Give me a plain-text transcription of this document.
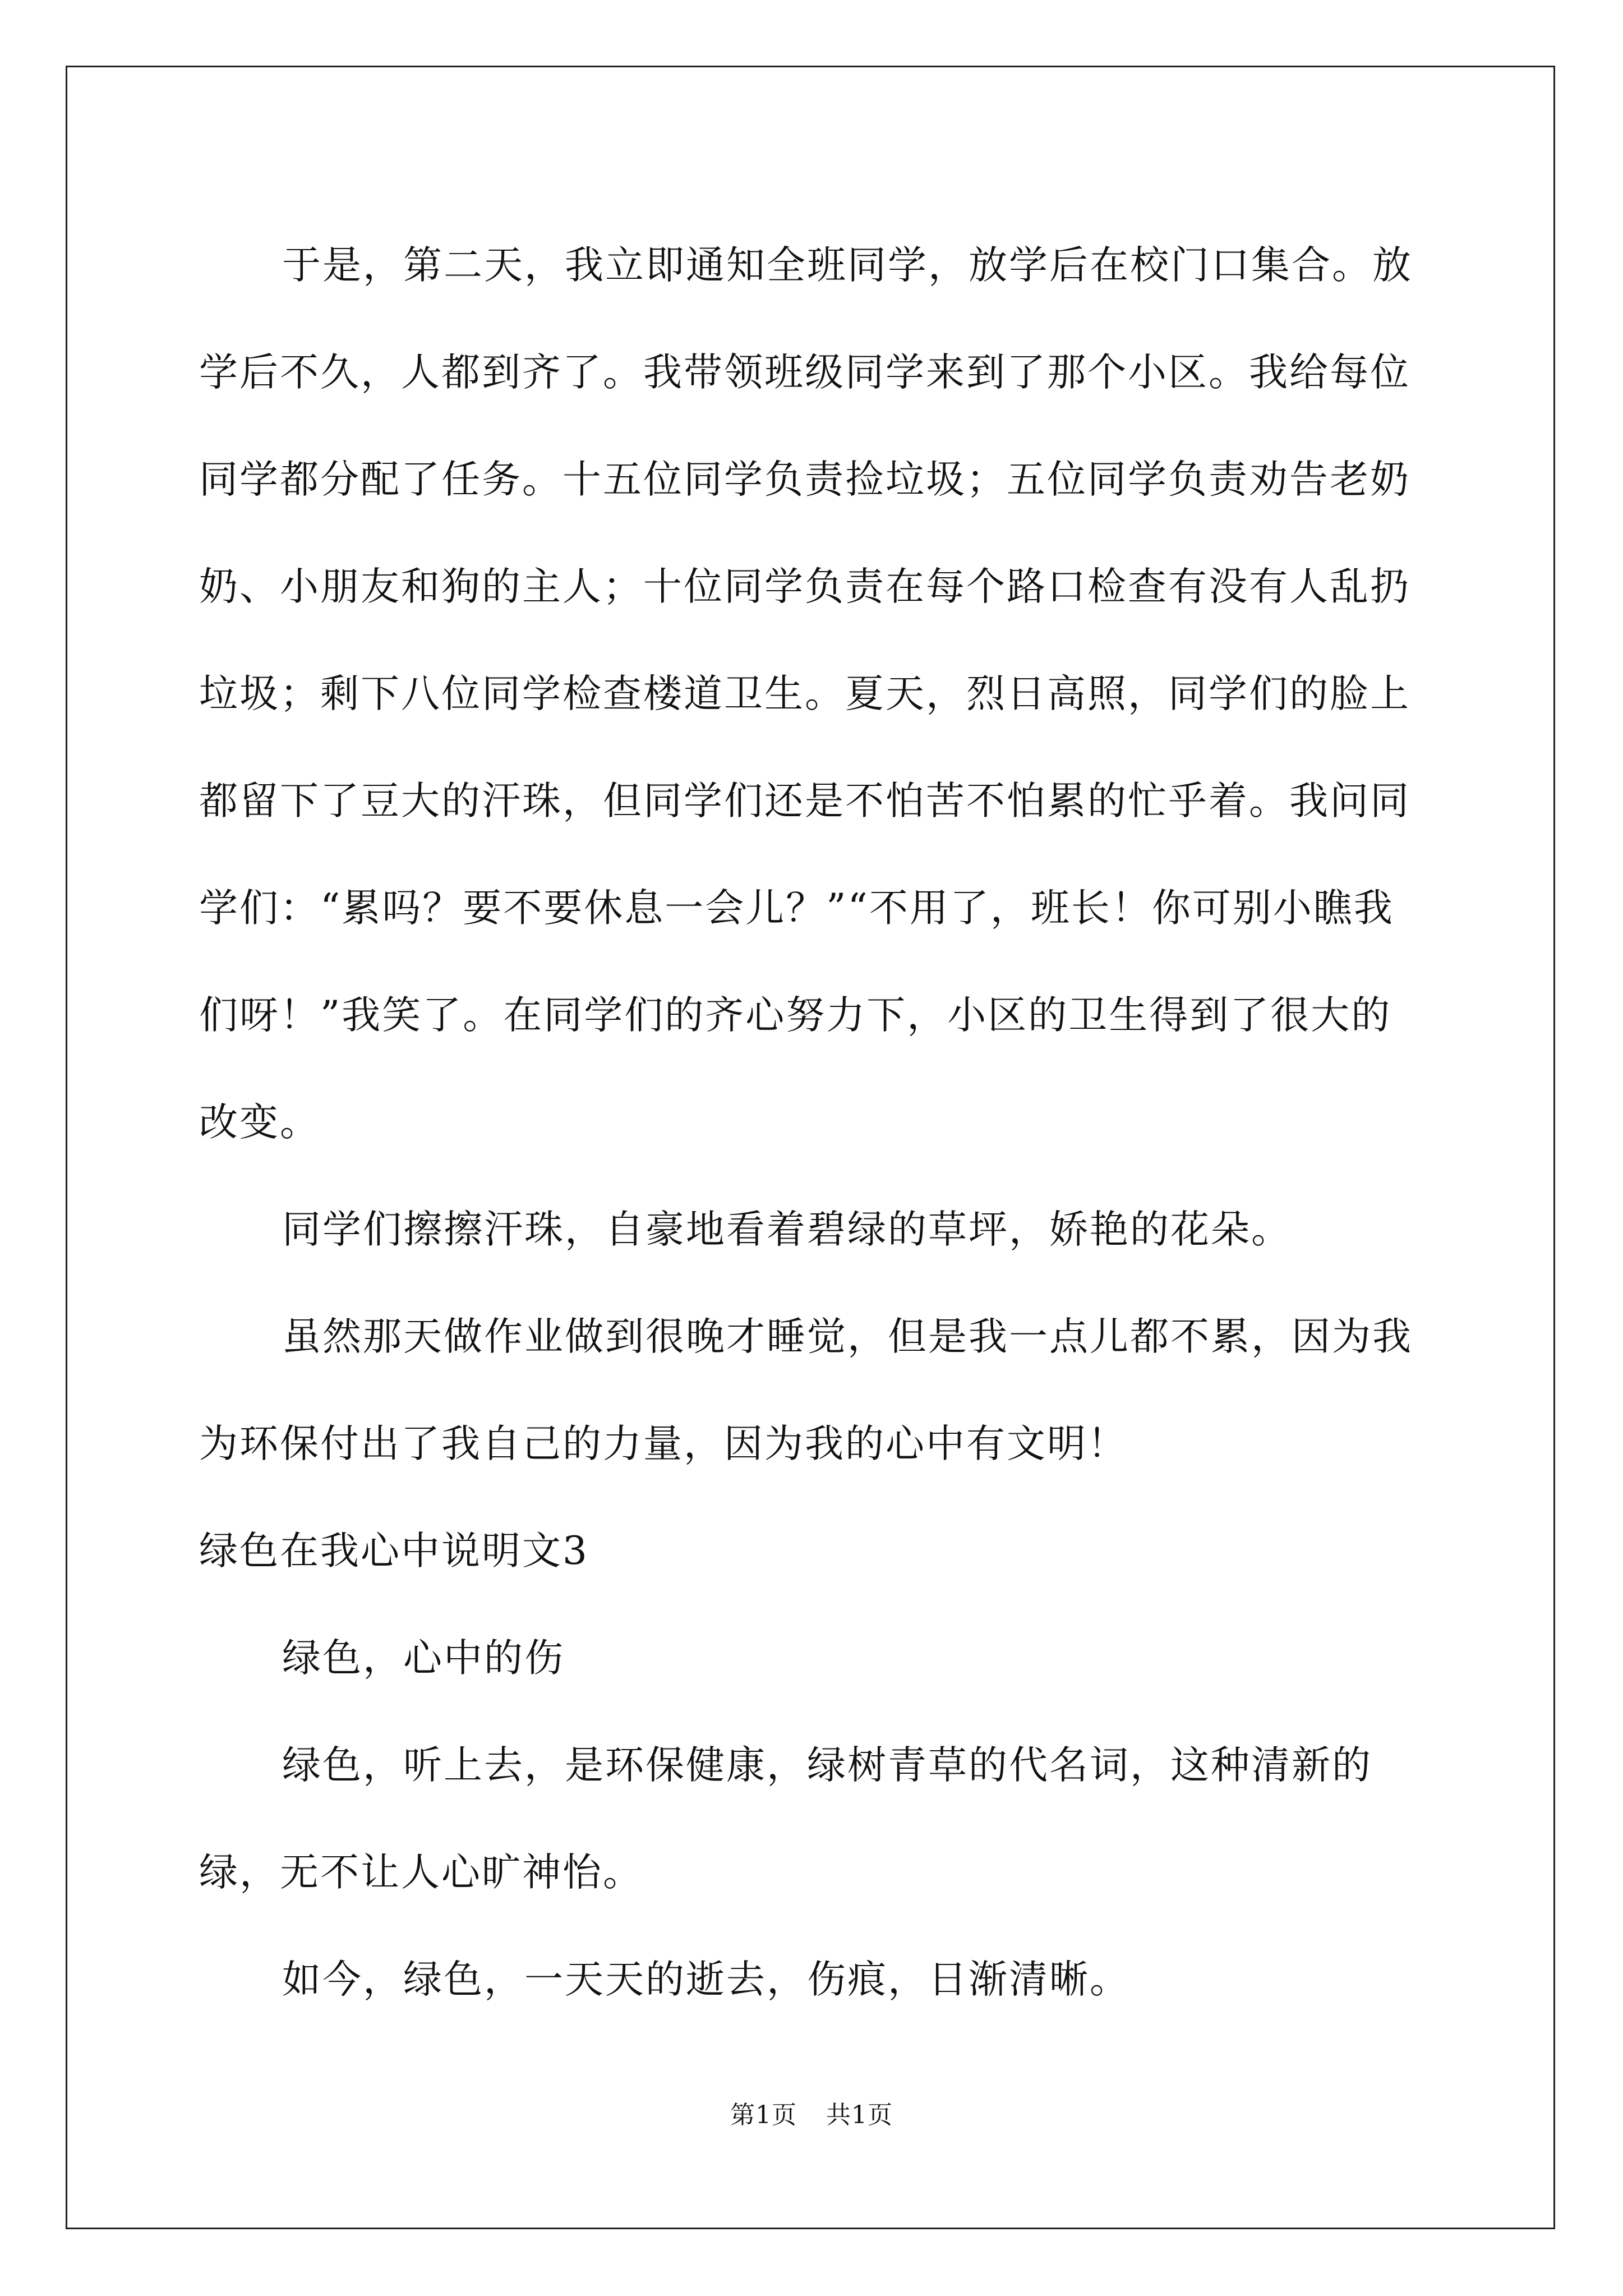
于是，第二天，我立即通知全班同学，放学后在校门口集合。放学后不久，人都到齐了。我带领班级同学来到了那个小区。我给每位同学都分配了任务。十五位同学负责捡垃圾；五位同学负责劝告老奶奶、小朋友和狗的主人；十位同学负责在每个路口检查有没有人乱扔垃圾；剩下八位同学检查楼道卫生。夏天，烈日高照，同学们的脸上都留下了豆大的汗珠，但同学们还是不怕苦不怕累的忙乎着。我问同学们：“累吗？要不要休息一会儿？”“不用了，班长！你可别小瞧我们呀！”我笑了。在同学们的齐心努力下，小区的卫生得到了很大的改变。

同学们擦擦汗珠，自豪地看着碧绿的草坪，娇艳的花朵。

虽然那天做作业做到很晚才睡觉，但是我一点儿都不累，因为我为环保付出了我自己的力量，因为我的心中有文明！

绿色在我心中说明文3

绿色，心中的伤

绿色，听上去，是环保健康，绿树青草的代名词，这种清新的绿，无不让人心旷神怡。

如今，绿色，一天天的逝去，伤痕，日渐清晰。

第1页 共1页
